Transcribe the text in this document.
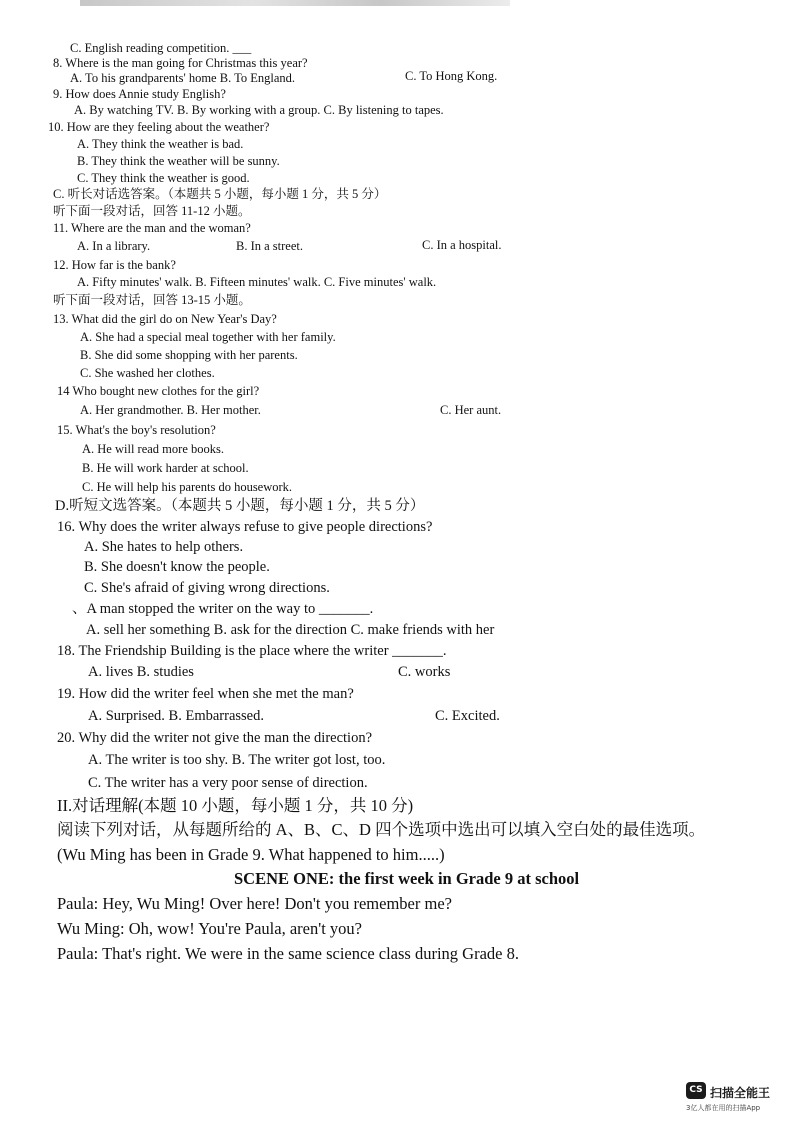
C. English reading competition. ___
8. Where is the man going for Christmas this year?
A. To his grandparents' home B. To England.	C. To Hong Kong.
9. How does Annie study English?
A. By watching TV. B. By working with a group. C. By listening to tapes.
10. How are they feeling about the weather?
A. They think the weather is bad.
B. They think the weather will be sunny.
C. They think the weather is good.
C. 听长对话选答案。（本题共 5 小题，每小题 1 分，共 5 分）
听下面一段对话，回答 11-12 小题。
11. Where are the man and the woman?
A. In a library.	B. In a street.	C. In a hospital.
12. How far is the bank?
A. Fifty minutes' walk. B. Fifteen minutes' walk. C. Five minutes' walk.
听下面一段对话，回答 13-15 小题。
13. What did the girl do on New Year's Day?
A. She had a special meal together with her family.
B. She did some shopping with her parents.
C. She washed her clothes.
14 Who bought new clothes for the girl?
A. Her grandmother. B. Her mother.	C. Her aunt.
15. What's the boy's resolution?
A. He will read more books.
B. He will work harder at school.
C. He will help his parents do housework.
D.听短文选答案。（本题共 5 小题，每小题 1 分，共 5 分）
16. Why does the writer always refuse to give people directions?
A. She hates to help others.
B. She doesn't know the people.
C. She's afraid of giving wrong directions.
、A man stopped the writer on the way to _______.
A. sell her something B. ask for the direction C. make friends with her
18. The Friendship Building is the place where the writer _______.
A. lives B. studies	C. works
19. How did the writer feel when she met the man?
A. Surprised. B. Embarrassed.	C. Excited.
20. Why did the writer not give the man the direction?
A. The writer is too shy. B. The writer got lost, too.
C. The writer has a very poor sense of direction.
II.对话理解(本题 10 小题，每小题 1 分，共 10 分)
阅读下列对话，从每题所给的 A、B、C、D 四个选项中选出可以填入空白处的最佳选项。
(Wu Ming has been in Grade 9. What happened to him.....)
SCENE ONE: the first week in Grade 9 at school
Paula: Hey, Wu Ming! Over here! Don't you remember me?
Wu Ming: Oh, wow! You're Paula, aren't you?
Paula: That's right. We were in the same science class during Grade 8.
CS 扫描全能王
3亿人都在用的扫描App
